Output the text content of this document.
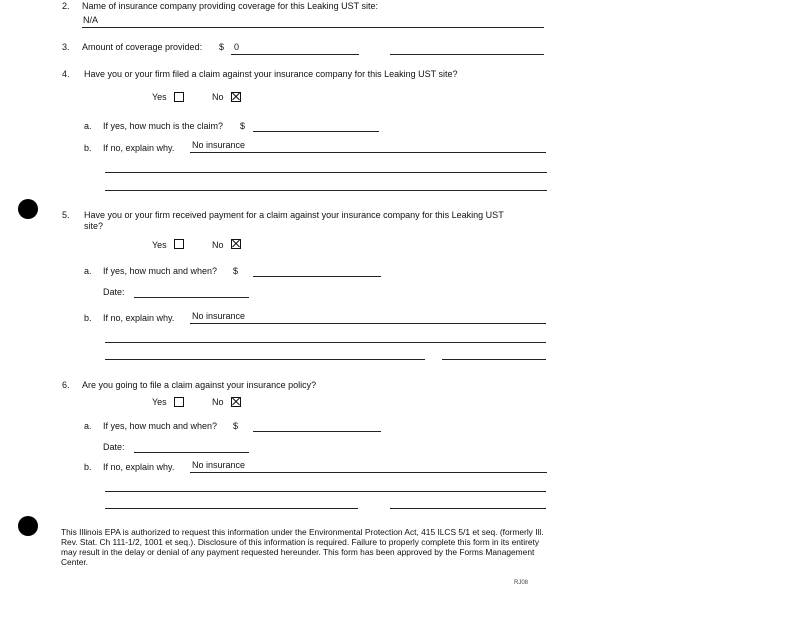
2. Name of insurance company providing coverage for this Leaking UST site:
N/A
3. Amount of coverage provided: $ 0
4. Have you or your firm filed a claim against your insurance company for this Leaking UST site?
Yes	No
a. If yes, how much is the claim? $
b. If no, explain why. No insurance
5. Have you or your firm received payment for a claim against your insurance company for this Leaking UST
site?
Yes	No
a. If yes, how much and when? $
Date:
b. If no, explain why. No insurance
6. Are you going to file a claim against your insurance policy?
Yes	No
a. If yes, how much and when? $
Date:
b. If no, explain why. No insurance
This Illinois EPA is authorized to request this information under the Environmental Protection Act, 415 ILCS 5/1 et seq. (formerly Ill. Rev. Stat. Ch 111-1/2, 1001 et seq.). Disclosure of this information is required. Failure to properly complete this form in its entirety may result in the delay or denial of any payment requested hereunder. This form has been approved by the Forms Management Center.
RJ08
